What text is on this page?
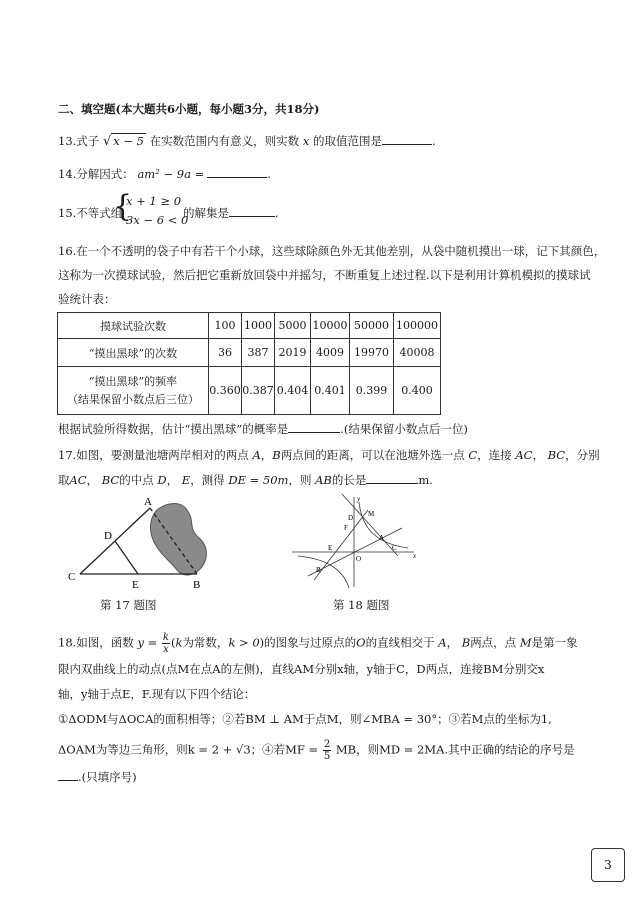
二、填空题(本大题共6小题，每小题3分，共18分)
13.式子 √ x − 5 在实数范围内有意义，则实数 x 的取值范围是	.
14.分解因式： am² − 9a =	.
15.不等式组
{
x + 1 ≥ 0
3x − 6 < 0
的解集是	.
16.在一个不透明的袋子中有若干个小球，这些球除颜色外无其他差别，从袋中随机摸出一球，记下其颜色，
这称为一次摸球试验，然后把它重新放回袋中并摇匀，不断重复上述过程.以下是利用计算机模拟的摸球试
验统计表：
摸球试验次数	100	1000	5000	10000	50000	100000
“摸出黑球”的次数	36	387	2019	4009	19970	40008

“摸出黑球”的频率
（结果保留小数点后三位）	0.360	0.387	0.404	0.401	0.399	0.400
根据试验所得数据，估计“摸出黑球”的概率是	.(结果保留小数点后一位)
17.如图，要测量池塘两岸相对的两点 A，B两点间的距离，可以在池塘外选一点 C，连接 AC， BC，分别
取AC， BC的中点 D， E，测得 DE = 50m，则 AB的长是	m.
A
B
C
D
E
第 17 题图
y
x
O
M
F
D
C
E
A
B
第 18 题图
18.如图，函数 $y = \frac{k}{x} (k$为常数，k > 0)的图象与过原点的O的直线相交于 A， B两点，点 M是第一象
限内双曲线上的动点(点M在点A的左侧)，直线AM分别x轴，y轴于C，D两点，连接BM分别交x
轴，y轴于点E，F.现有以下四个结论：
①ΔODM与ΔOCA的面积相等；②若BM ⊥ AM于点M，则∠MBA = 30°；③若M点的坐标为1,
ΔOAM为等边三角形，则k = 2 + √3；④若MF = $\frac{2}{5}$ MB，则MD = 2MA.其中正确的结论的序号是
.(只填序号)
3
